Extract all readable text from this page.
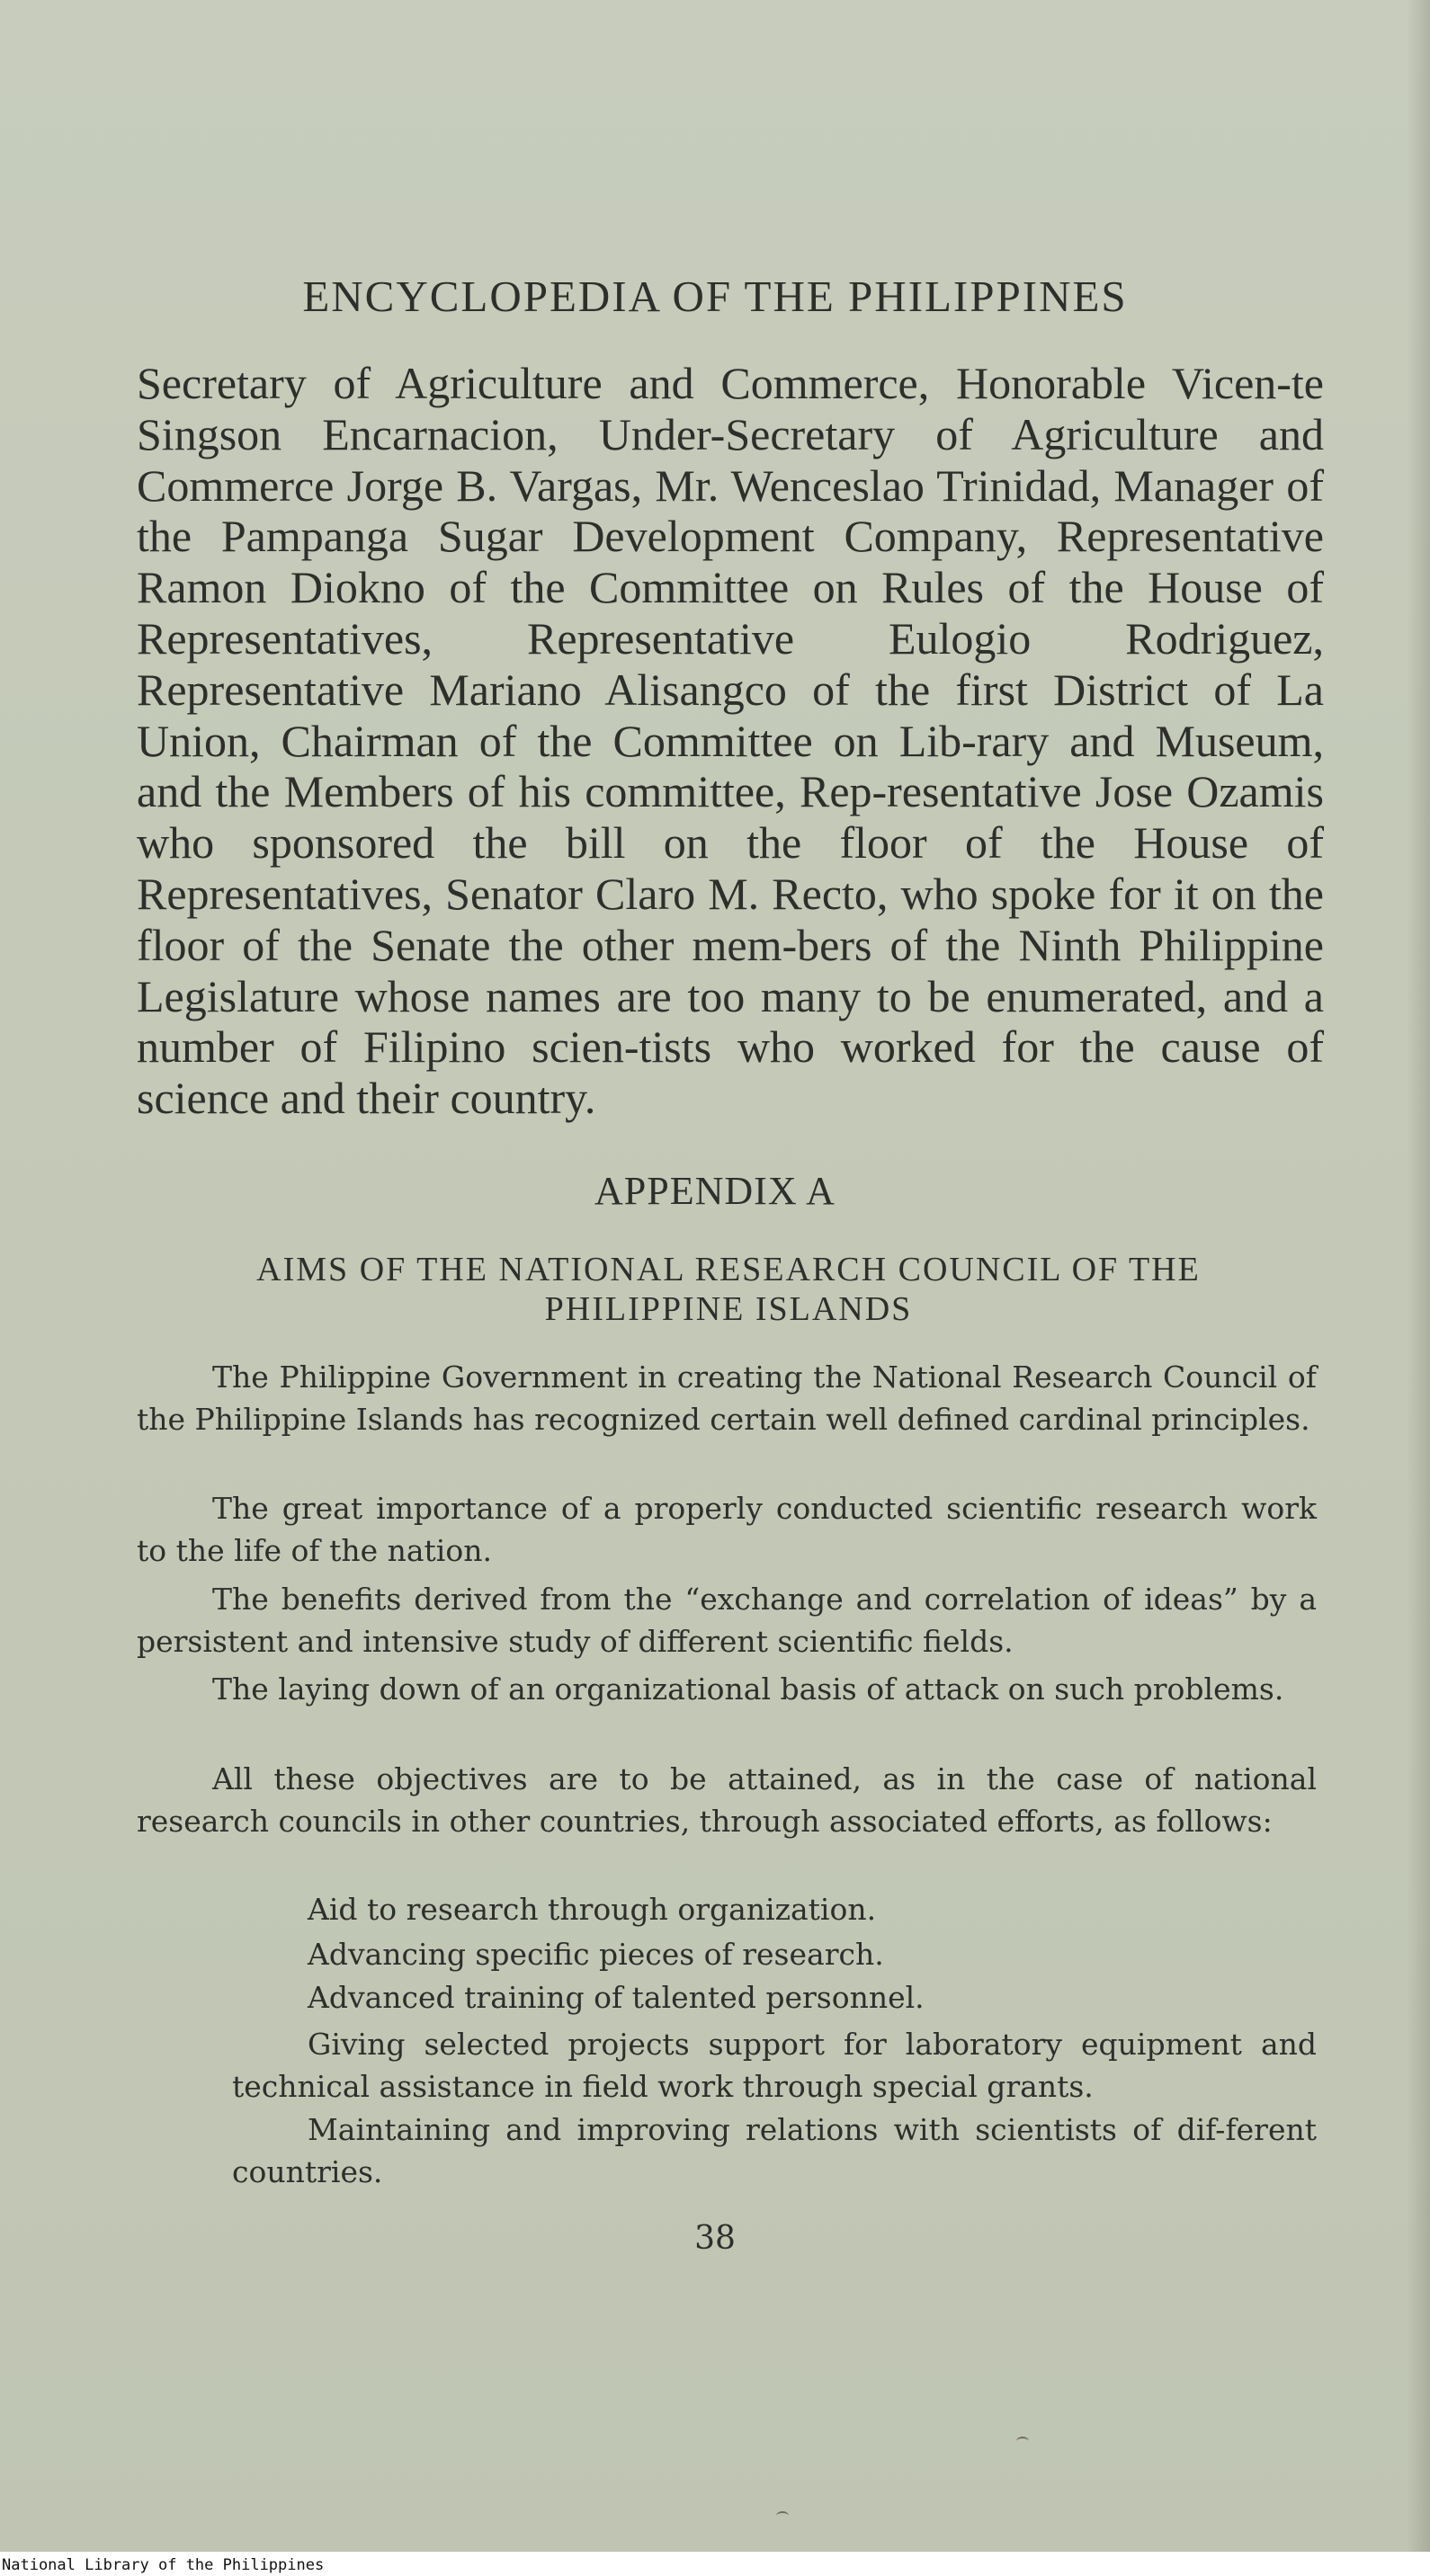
ENCYCLOPEDIA OF THE PHILIPPINES

Secretary of Agriculture and Commerce, Honorable Vicen-te Singson Encarnacion, Under-Secretary of Agriculture and Commerce Jorge B. Vargas, Mr. Wenceslao Trinidad, Manager of the Pampanga Sugar Development Company, Representative Ramon Diokno of the Committee on Rules of the House of Representatives, Representative Eulogio Rodriguez, Representative Mariano Alisangco of the first District of La Union, Chairman of the Committee on Lib-rary and Museum, and the Members of his committee, Rep-resentative Jose Ozamis who sponsored the bill on the floor of the House of Representatives, Senator Claro M. Recto, who spoke for it on the floor of the Senate the other mem-bers of the Ninth Philippine Legislature whose names are too many to be enumerated, and a number of Filipino scien-tists who worked for the cause of science and their country.

APPENDIX A
AIMS OF THE NATIONAL RESEARCH COUNCIL OF THE PHILIPPINE ISLANDS

The Philippine Government in creating the National Research Council of the Philippine Islands has recognized certain well defined cardinal principles.

The great importance of a properly conducted scientific research work to the life of the nation.

The benefits derived from the “exchange and correlation of ideas” by a persistent and intensive study of different scientific fields.

The laying down of an organizational basis of attack on such problems.

All these objectives are to be attained, as in the case of national research councils in other countries, through associated efforts, as follows:

Aid to research through organization.

Advancing specific pieces of research.

Advanced training of talented personnel.

Giving selected projects support for laboratory equipment and technical assistance in field work through special grants.

Maintaining and improving relations with scientists of dif-ferent countries.

38

National Library of the Philippines
